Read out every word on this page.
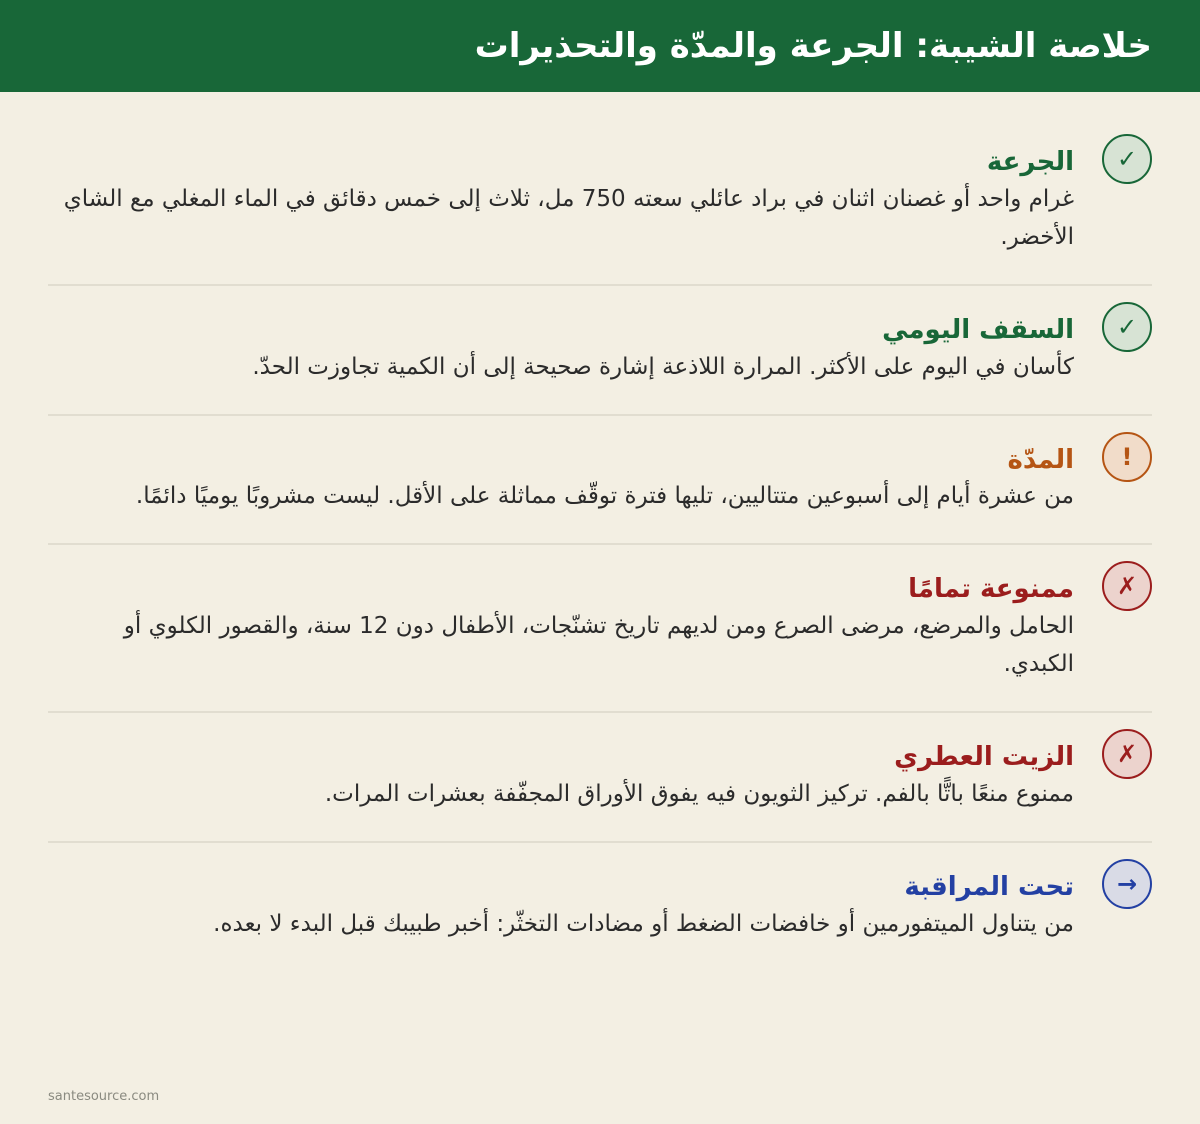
خلاصة الشيبة: الجرعة والمدّة والتحذيرات
✓
الجرعة
غرام واحد أو غصنان اثنان في براد عائلي سعته 750 مل، ثلاث إلى خمس دقائق في الماء المغلي مع الشاي الأخضر.
✓
السقف اليومي
كأسان في اليوم على الأكثر. المرارة اللاذعة إشارة صحيحة إلى أن الكمية تجاوزت الحدّ.
!
المدّة
من عشرة أيام إلى أسبوعين متتاليين، تليها فترة توقّف مماثلة على الأقل. ليست مشروبًا يوميًا دائمًا.
✗
ممنوعة تمامًا
الحامل والمرضع، مرضى الصرع ومن لديهم تاريخ تشنّجات، الأطفال دون 12 سنة، والقصور الكلوي أو الكبدي.
✗
الزيت العطري
ممنوع منعًا باتًّا بالفم. تركيز الثويون فيه يفوق الأوراق المجفّفة بعشرات المرات.
→
تحت المراقبة
من يتناول الميتفورمين أو خافضات الضغط أو مضادات التخثّر: أخبر طبيبك قبل البدء لا بعده.
santesource.com
